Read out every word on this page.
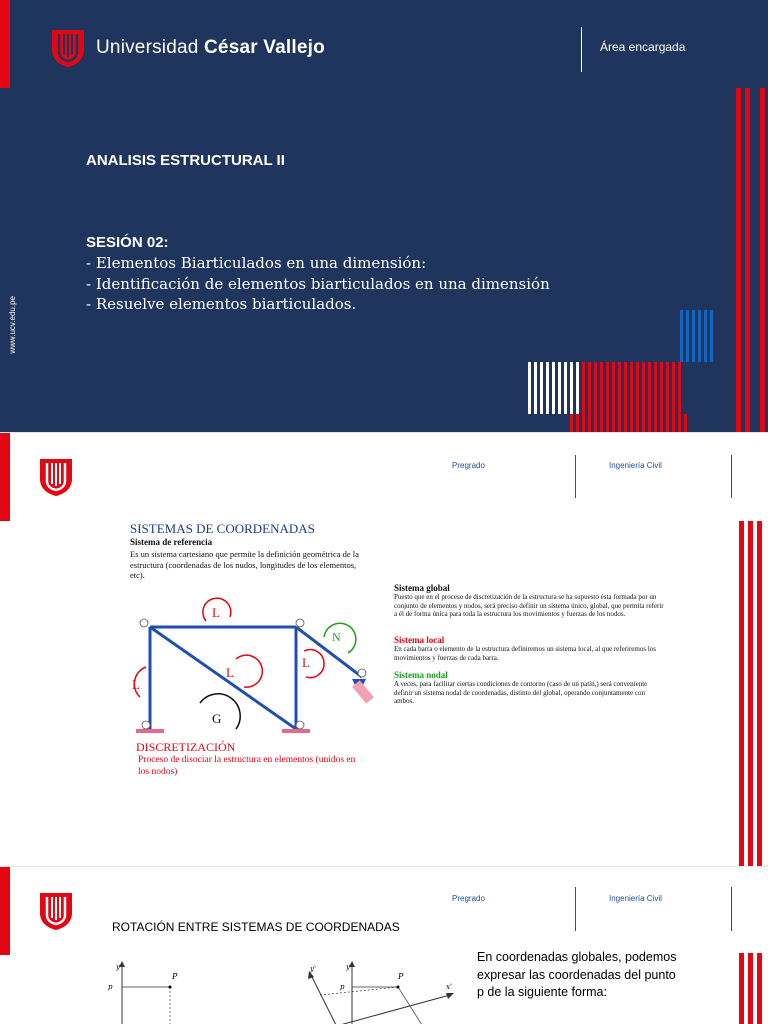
Universidad César Vallejo	Área encargada
ANALISIS ESTRUCTURAL II
SESIÓN 02:
- Elementos Biarticulados en una dimensión:
- Identificación de elementos biarticulados en una dimensión
- Resuelve elementos biarticulados.
www.ucv.edu.pe
Pregrado	Ingeniería Civil
SISTEMAS DE COORDENADAS
Sistema de referencia
Es un sistema cartesiano que permite la definición geométrica de la estructura (coordenadas de los nudos, longitudes de los elementos, etc).
L
L
L
L
N
G
DISCRETIZACIÓN
Proceso de disociar la estructura en elementos (unidos en los nodos)
Sistema global
Puesto que en el proceso de discretización de la estructura se ha supuesto ésta formada por un conjunto de elementos y nodos, será preciso definir un sistema único, global, que permita referir a él de forma única para toda la estructura los movimientos y fuerzas de los nodos.
Sistema local
En cada barra o elemento de la estructura definiremos un sistema local, al que referiremos los movimientos y fuerzas de cada barra.
Sistema nodal
A veces, para facilitar ciertas condiciones de contorno (caso de un patín,) será conveniente definir un sistema nodal de coordenadas, distinto del global, operando conjuntamente con ambos.
Pregrado	Ingeniería Civil
ROTACIÓN ENTRE SISTEMAS DE COORDENADAS
y
P
p
y
y'
x'
P
p
En coordenadas globales, podemos expresar las coordenadas del punto p de la siguiente forma:
